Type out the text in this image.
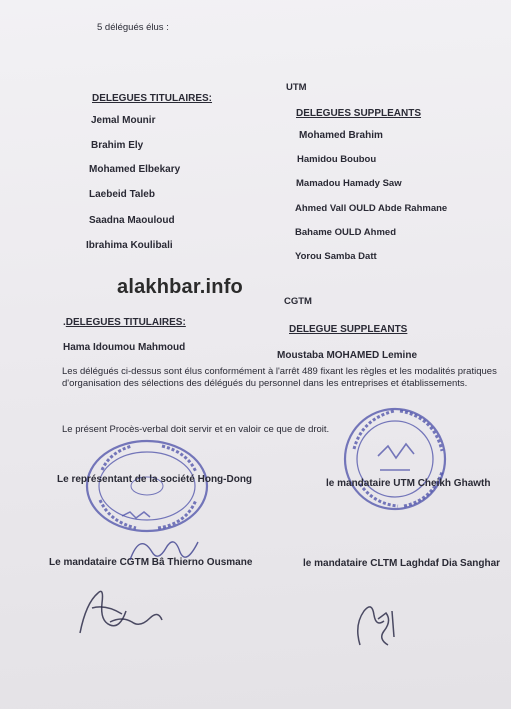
5 délégués élus :
UTM
DELEGUES TITULAIRES:
DELEGUES SUPPLEANTS
Jemal Mounir
Brahim Ely
Mohamed Elbekary
Laebeid Taleb
Saadna Maouloud
Ibrahima Koulibali
Mohamed Brahim
Hamidou Boubou
Mamadou Hamady Saw
Ahmed Vall OULD Abde Rahmane
Bahame OULD Ahmed
Yorou Samba Datt
alakhbar.info
CGTM
.DELEGUES TITULAIRES:
DELEGUE SUPPLEANTS
Hama Idoumou Mahmoud
Moustaba MOHAMED Lemine
Les délégués ci-dessus sont élus conformément à l'arrêt 489 fixant les règles et les modalités pratiques d'organisation des sélections des délégués du personnel dans les entreprises et établissements.
Le présent Procès-verbal doit servir et en valoir ce que de droit.
Le représentant de la société Hong-Dong	le mandataire UTM Cheikh Ghawth
Le mandataire CGTM Bâ Thierno Ousmane	le mandataire CLTM Laghdaf Dia Sanghar
